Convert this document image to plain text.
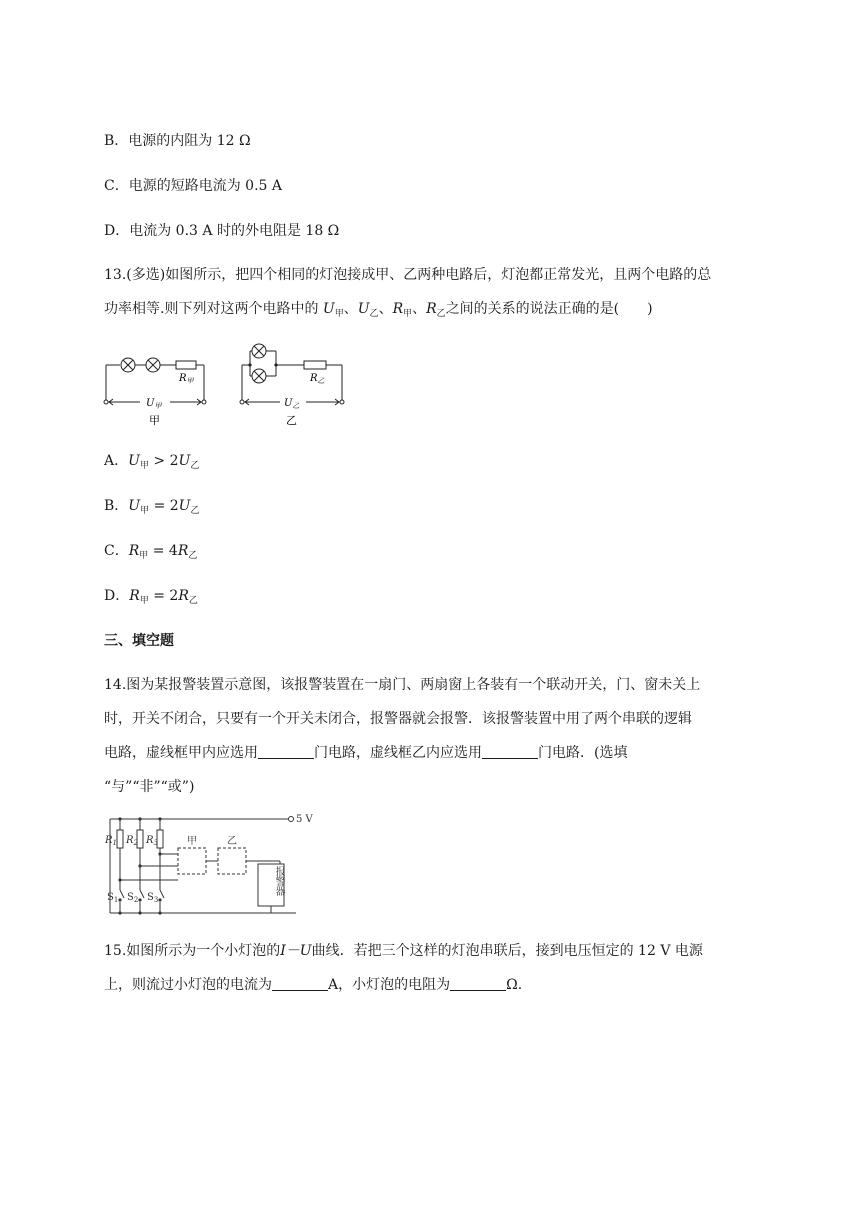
B．电源的内阻为 12 Ω
C．电源的短路电流为 0.5 A
D．电流为 0.3 A 时的外电阻是 18 Ω
13.(多选)如图所示，把四个相同的灯泡接成甲、乙两种电路后，灯泡都正常发光，且两个电路的总
功率相等.则下列对这两个电路中的 $U_甲$、$U_乙$、$R_甲$、$R_乙$之间的关系的说法正确的是( )
$R_甲$
$U_甲$
甲
$R_乙$
$U_乙$
乙
A．$U_甲 > 2U_乙$
B．$U_甲 = 2U_乙$
C．$R_甲 = 4R_乙$
D．$R_甲 = 2R_乙$
三、填空题
14.图为某报警装置示意图，该报警装置在一扇门、两扇窗上各装有一个联动开关，门、窗未关上
时，开关不闭合，只要有一个开关未闭合，报警器就会报警．该报警装置中用了两个串联的逻辑
电路，虚线框甲内应选用	门电路，虚线框乙内应选用	门电路．(选填
“与”“非”“或”)
5 V
$R_1$ $R_2$ $R_3$	甲	乙
$S_1$ $S_2$ $S_3$
报警器
15.如图所示为一个小灯泡的I－U曲线．若把三个这样的灯泡串联后，接到电压恒定的 12 V 电源
上，则流过小灯泡的电流为	A，小灯泡的电阻为	Ω.
